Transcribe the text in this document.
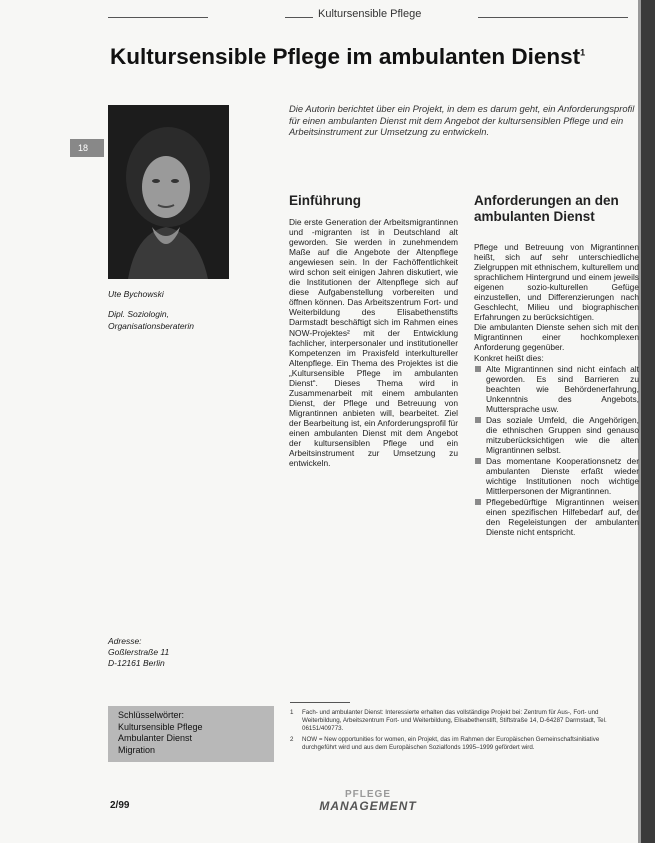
Kultursensible Pflege
Kultursensible Pflege im ambulanten Dienst$^1$
18
Ute Bychowski
Dipl. Soziologin,
Organisationsberaterin
Adresse:
Goßlerstraße 11
D-12161 Berlin

Die Autorin berichtet über ein Projekt, in dem es darum geht, ein Anforderungsprofil für einen ambulanten Dienst mit dem Angebot der kultursensiblen Pflege und ein Arbeitsinstrument zur Umsetzung zu entwickeln.

Einführung

Die erste Generation der Arbeitsmigrantinnen und -migranten ist in Deutschland alt geworden. Sie werden in zunehmendem Maße auf die Angebote der Altenpflege angewiesen sein. In der Fachöffentlichkeit wird schon seit einigen Jahren diskutiert, wie die Institutionen der Altenpflege sich auf diese Aufgabenstellung vorbereiten und öffnen können. Das Arbeitszentrum Fort- und Weiterbildung des Elisabethenstifts Darmstadt beschäftigt sich im Rahmen eines NOW-Projektes² mit der Entwicklung fachlicher, interpersonaler und institutioneller Kompetenzen im Praxisfeld interkultureller Altenpflege. Ein Thema des Projektes ist die „Kultursensible Pflege im ambulanten Dienst“. Dieses Thema wird in Zusammenarbeit mit einem ambulanten Dienst, der Pflege und Betreuung von Migrantinnen anbieten will, bearbeitet. Ziel der Bearbeitung ist, ein Anforderungsprofil für einen ambulanten Dienst mit dem Angebot der kultursensiblen Pflege und ein Arbeitsinstrument zur Umsetzung zu entwickeln.

Anforderungen an den ambulanten Dienst

Pflege und Betreuung von Migrantinnen heißt, sich auf sehr unterschiedliche Zielgruppen mit ethnischem, kulturellem und sprachlichem Hintergrund und einem jeweils eigenen sozio-kulturellen Gefüge einzustellen, und Differenzierungen nach Geschlecht, Milieu und biographischen Erfahrungen zu berücksichtigen.

Die ambulanten Dienste sehen sich mit den Migrantinnen einer hochkomplexen Anforderung gegenüber.

Konkret heißt dies:

Alte Migrantinnen sind nicht einfach alt geworden. Es sind Barrieren zu beachten wie Behördenerfahrung, Unkenntnis des Angebots, Muttersprache usw.
Das soziale Umfeld, die Angehörigen, die ethnischen Gruppen sind genauso mitzuberücksichtigen wie die alten Migrantinnen selbst.
Das momentane Kooperationsnetz der ambulanten Dienste erfaßt wieder wichtige Institutionen noch wichtige Mittlerpersonen der Migrantinnen.
Pflegebedürftige Migrantinnen weisen einen spezifischen Hilfebedarf auf, der den Regeleistungen der ambulanten Dienste nicht entspricht.
Schlüsselwörter:
Kultursensible Pflege
Ambulanter Dienst
Migration
1	Fach- und ambulanter Dienst: Interessierte erhalten das vollständige Projekt bei: Zentrum für Aus-, Fort- und Weiterbildung, Arbeitszentrum Fort- und Weiterbildung, Elisabethenstift, Stiftstraße 14, D-64287 Darmstadt, Tel. 06151/409773.
2	NOW = New opportunities for women, ein Projekt, das im Rahmen der Europäischen Gemeinschaftsinitiative durchgeführt wird und aus dem Europäischen Sozialfonds 1995–1999 gefördert wird.
2/99
PFLEGE
MANAGEMENT
